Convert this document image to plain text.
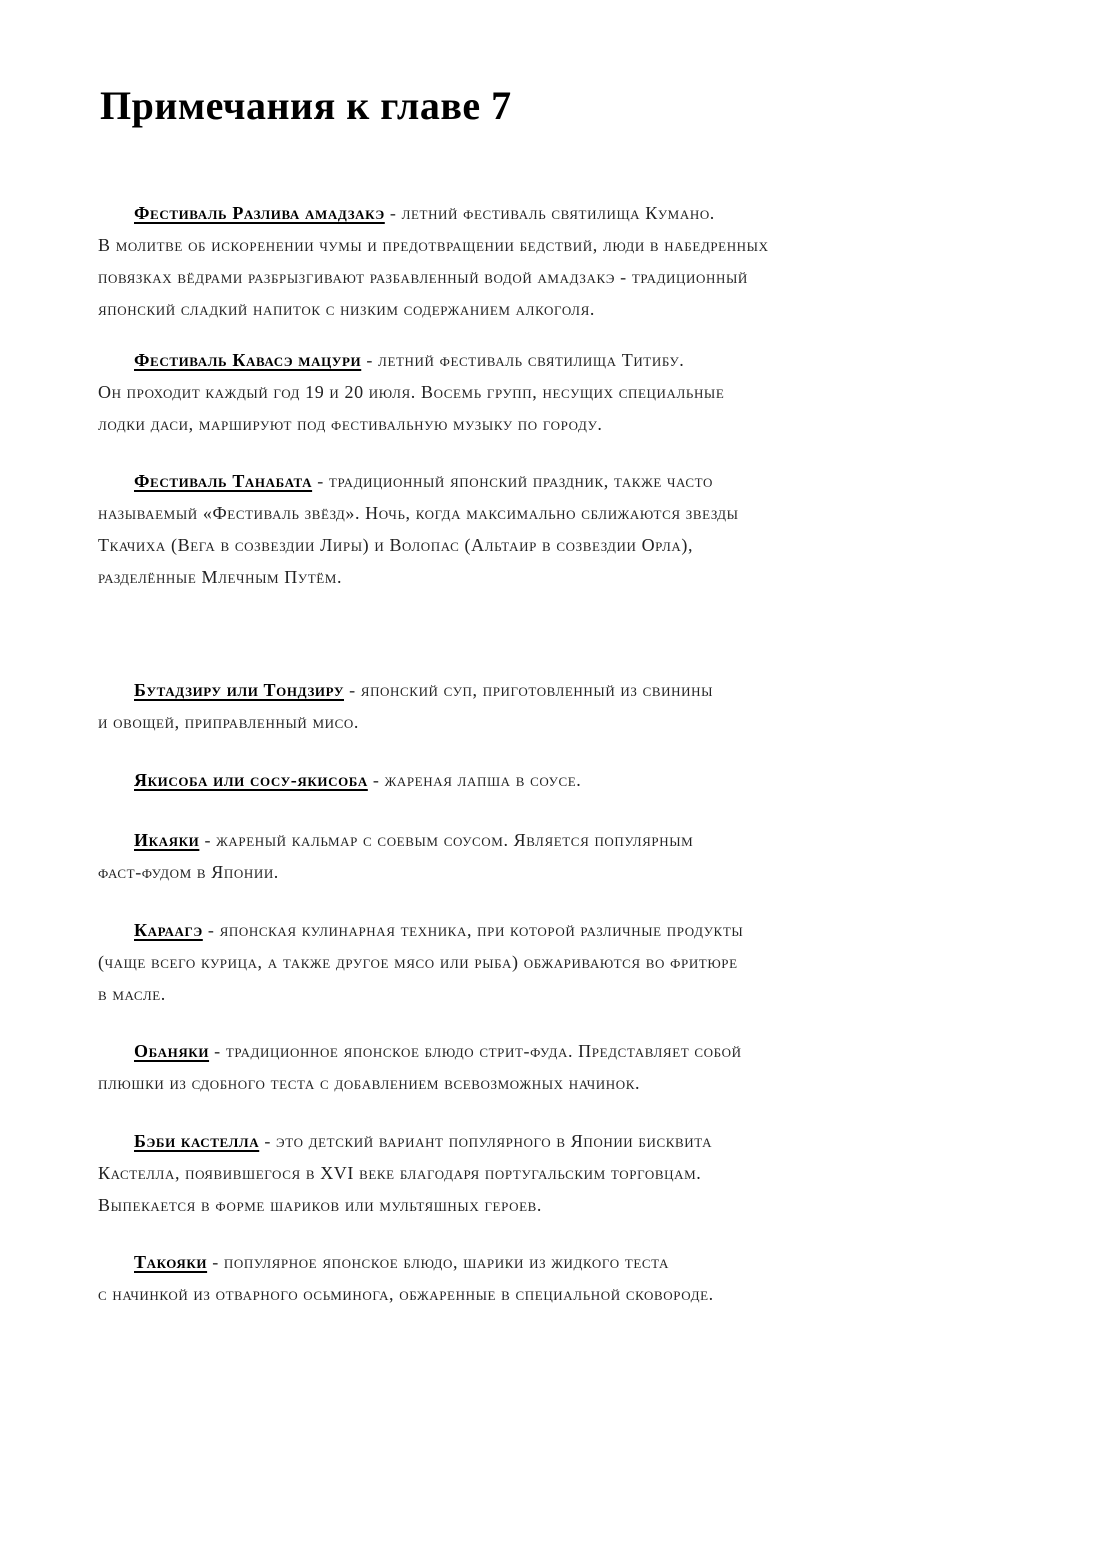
Примечания к главе 7

Фестиваль Разлива амадзакэ - летний фестиваль святилища Кумано.
В молитве об искоренении чумы и предотвращении бедствий, люди в набедренных
повязках вёдрами разбрызгивают разбавленный водой амадзакэ - традиционный
японский сладкий напиток с низким содержанием алкоголя.

Фестиваль Кавасэ мацури - летний фестиваль святилища Титибу.
Он проходит каждый год 19 и 20 июля. Восемь групп, несущих специальные
лодки даси, маршируют под фестивальную музыку по городу.

Фестиваль Танабата - традиционный японский праздник, также часто
называемый «Фестиваль звёзд». Ночь, когда максимально сближаются звезды
Ткачиха (Вега в созвездии Лиры) и Волопас (Альтаир в созвездии Орла),
разделённые Млечным Путём.

Бутадзиру или Тондзиру - японский суп, приготовленный из свинины
и овощей, приправленный мисо.

Якисоба или сосу-якисоба - жареная лапша в соусе.

Икаяки - жареный кальмар с соевым соусом. Является популярным
фаст-фудом в Японии.

Караагэ - японская кулинарная техника, при которой различные продукты
(чаще всего курица, а также другое мясо или рыба) обжариваются во фритюре
в масле.

Обаняки - традиционное японское блюдо стрит-фуда. Представляет собой
плюшки из сдобного теста с добавлением всевозможных начинок.

Бэби кастелла - это детский вариант популярного в Японии бисквита
Кастелла, появившегося в XVI веке благодаря португальским торговцам.
Выпекается в форме шариков или мультяшных героев.

Такояки - популярное японское блюдо, шарики из жидкого теста
с начинкой из отварного осьминога, обжаренные в специальной сковороде.
